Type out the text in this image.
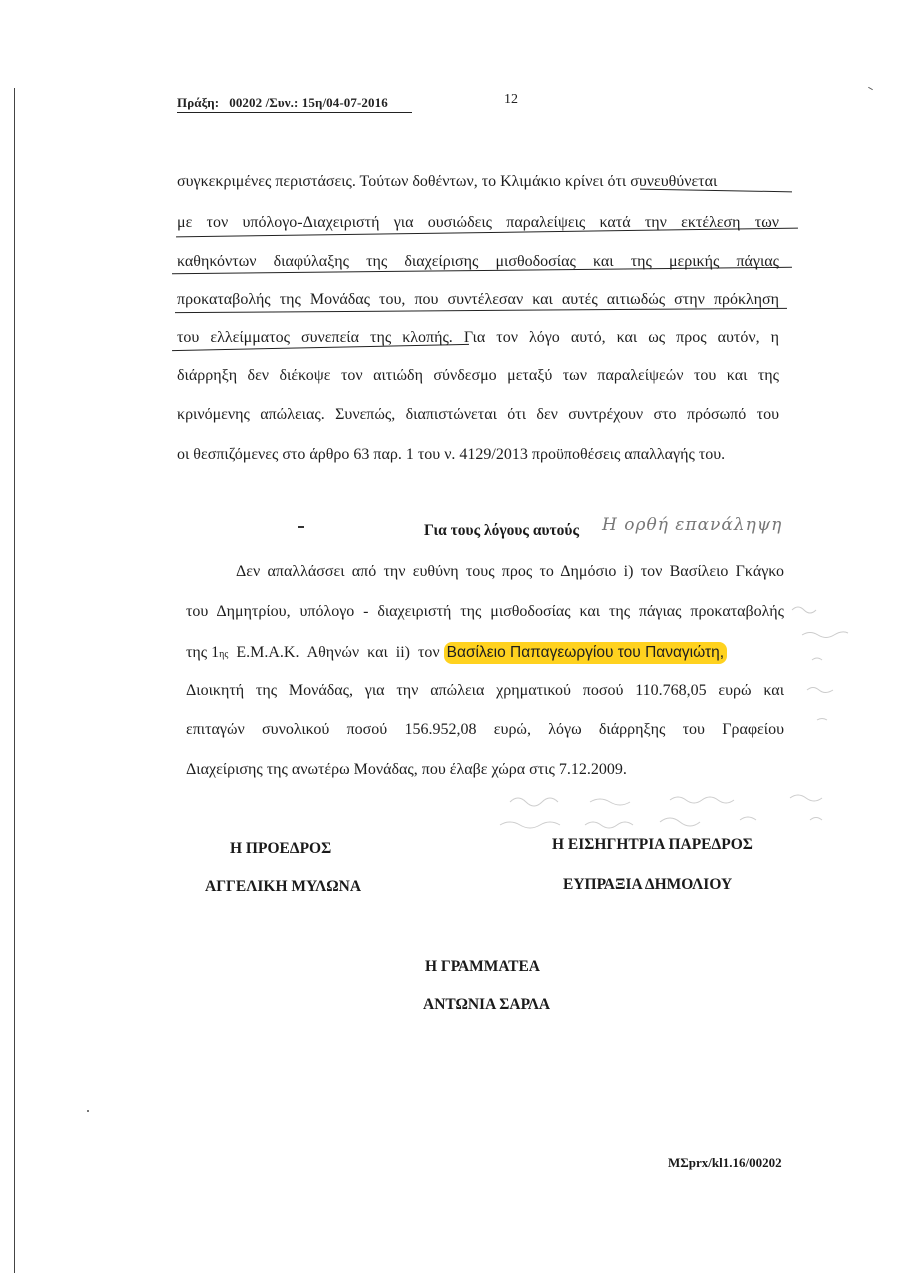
Πράξη: 00202 /Συν.: 15η/04-07-2016	12
συγκεκριμένες περιστάσεις. Τούτων δοθέντων, το Κλιμάκιο κρίνει ότι συνευθύνεται
με τον υπόλογο-Διαχειριστή για ουσιώδεις παραλείψεις κατά την εκτέλεση των
καθηκόντων διαφύλαξης της διαχείρισης μισθοδοσίας και της μερικής πάγιας
προκαταβολής της Μονάδας του, που συντέλεσαν και αυτές αιτιωδώς στην πρόκληση
του ελλείμματος συνεπεία της κλοπής. Για τον λόγο αυτό, και ως προς αυτόν, η
διάρρηξη δεν διέκοψε τον αιτιώδη σύνδεσμο μεταξύ των παραλείψεών του και της
κρινόμενης απώλειας. Συνεπώς, διαπιστώνεται ότι δεν συντρέχουν στο πρόσωπό του
οι θεσπιζόμενες στο άρθρο 63 παρ. 1 του ν. 4129/2013 προϋποθέσεις απαλλαγής του.
Για τους λόγους αυτούς Η ορθή επανάληψη
Δεν απαλλάσσει από την ευθύνη τους προς το Δημόσιο i) τον Βασίλειο Γκάγκο
του Δημητρίου, υπόλογο - διαχειριστή της μισθοδοσίας και της πάγιας προκαταβολής
της 1 ης
Ε.Μ.Α.Κ. Αθηνών και ii) τον
Βασίλειο Παπαγεωργίου του Παναγιώτη,
Διοικητή της Μονάδας, για την απώλεια χρηματικού ποσού 110.768,05 ευρώ και
επιταγών συνολικού ποσού 156.952,08 ευρώ, λόγω διάρρηξης του Γραφείου
Διαχείρισης της ανωτέρω Μονάδας, που έλαβε χώρα στις 7.12.2009.
Η ΠΡΟΕΔΡΟΣ
ΑΓΓΕΛΙΚΗ ΜΥΛΩΝΑ
Η ΕΙΣΗΓΗΤΡΙΑ ΠΑΡΕΔΡΟΣ
ΕΥΠΡΑΞΙΑ ΔΗΜΟΛΙΟΥ
Η ΓΡΑΜΜΑΤΕΑ
ΑΝΤΩΝΙΑ ΣΑΡΛΑ
ΜΣprx/kl1.16/00202
